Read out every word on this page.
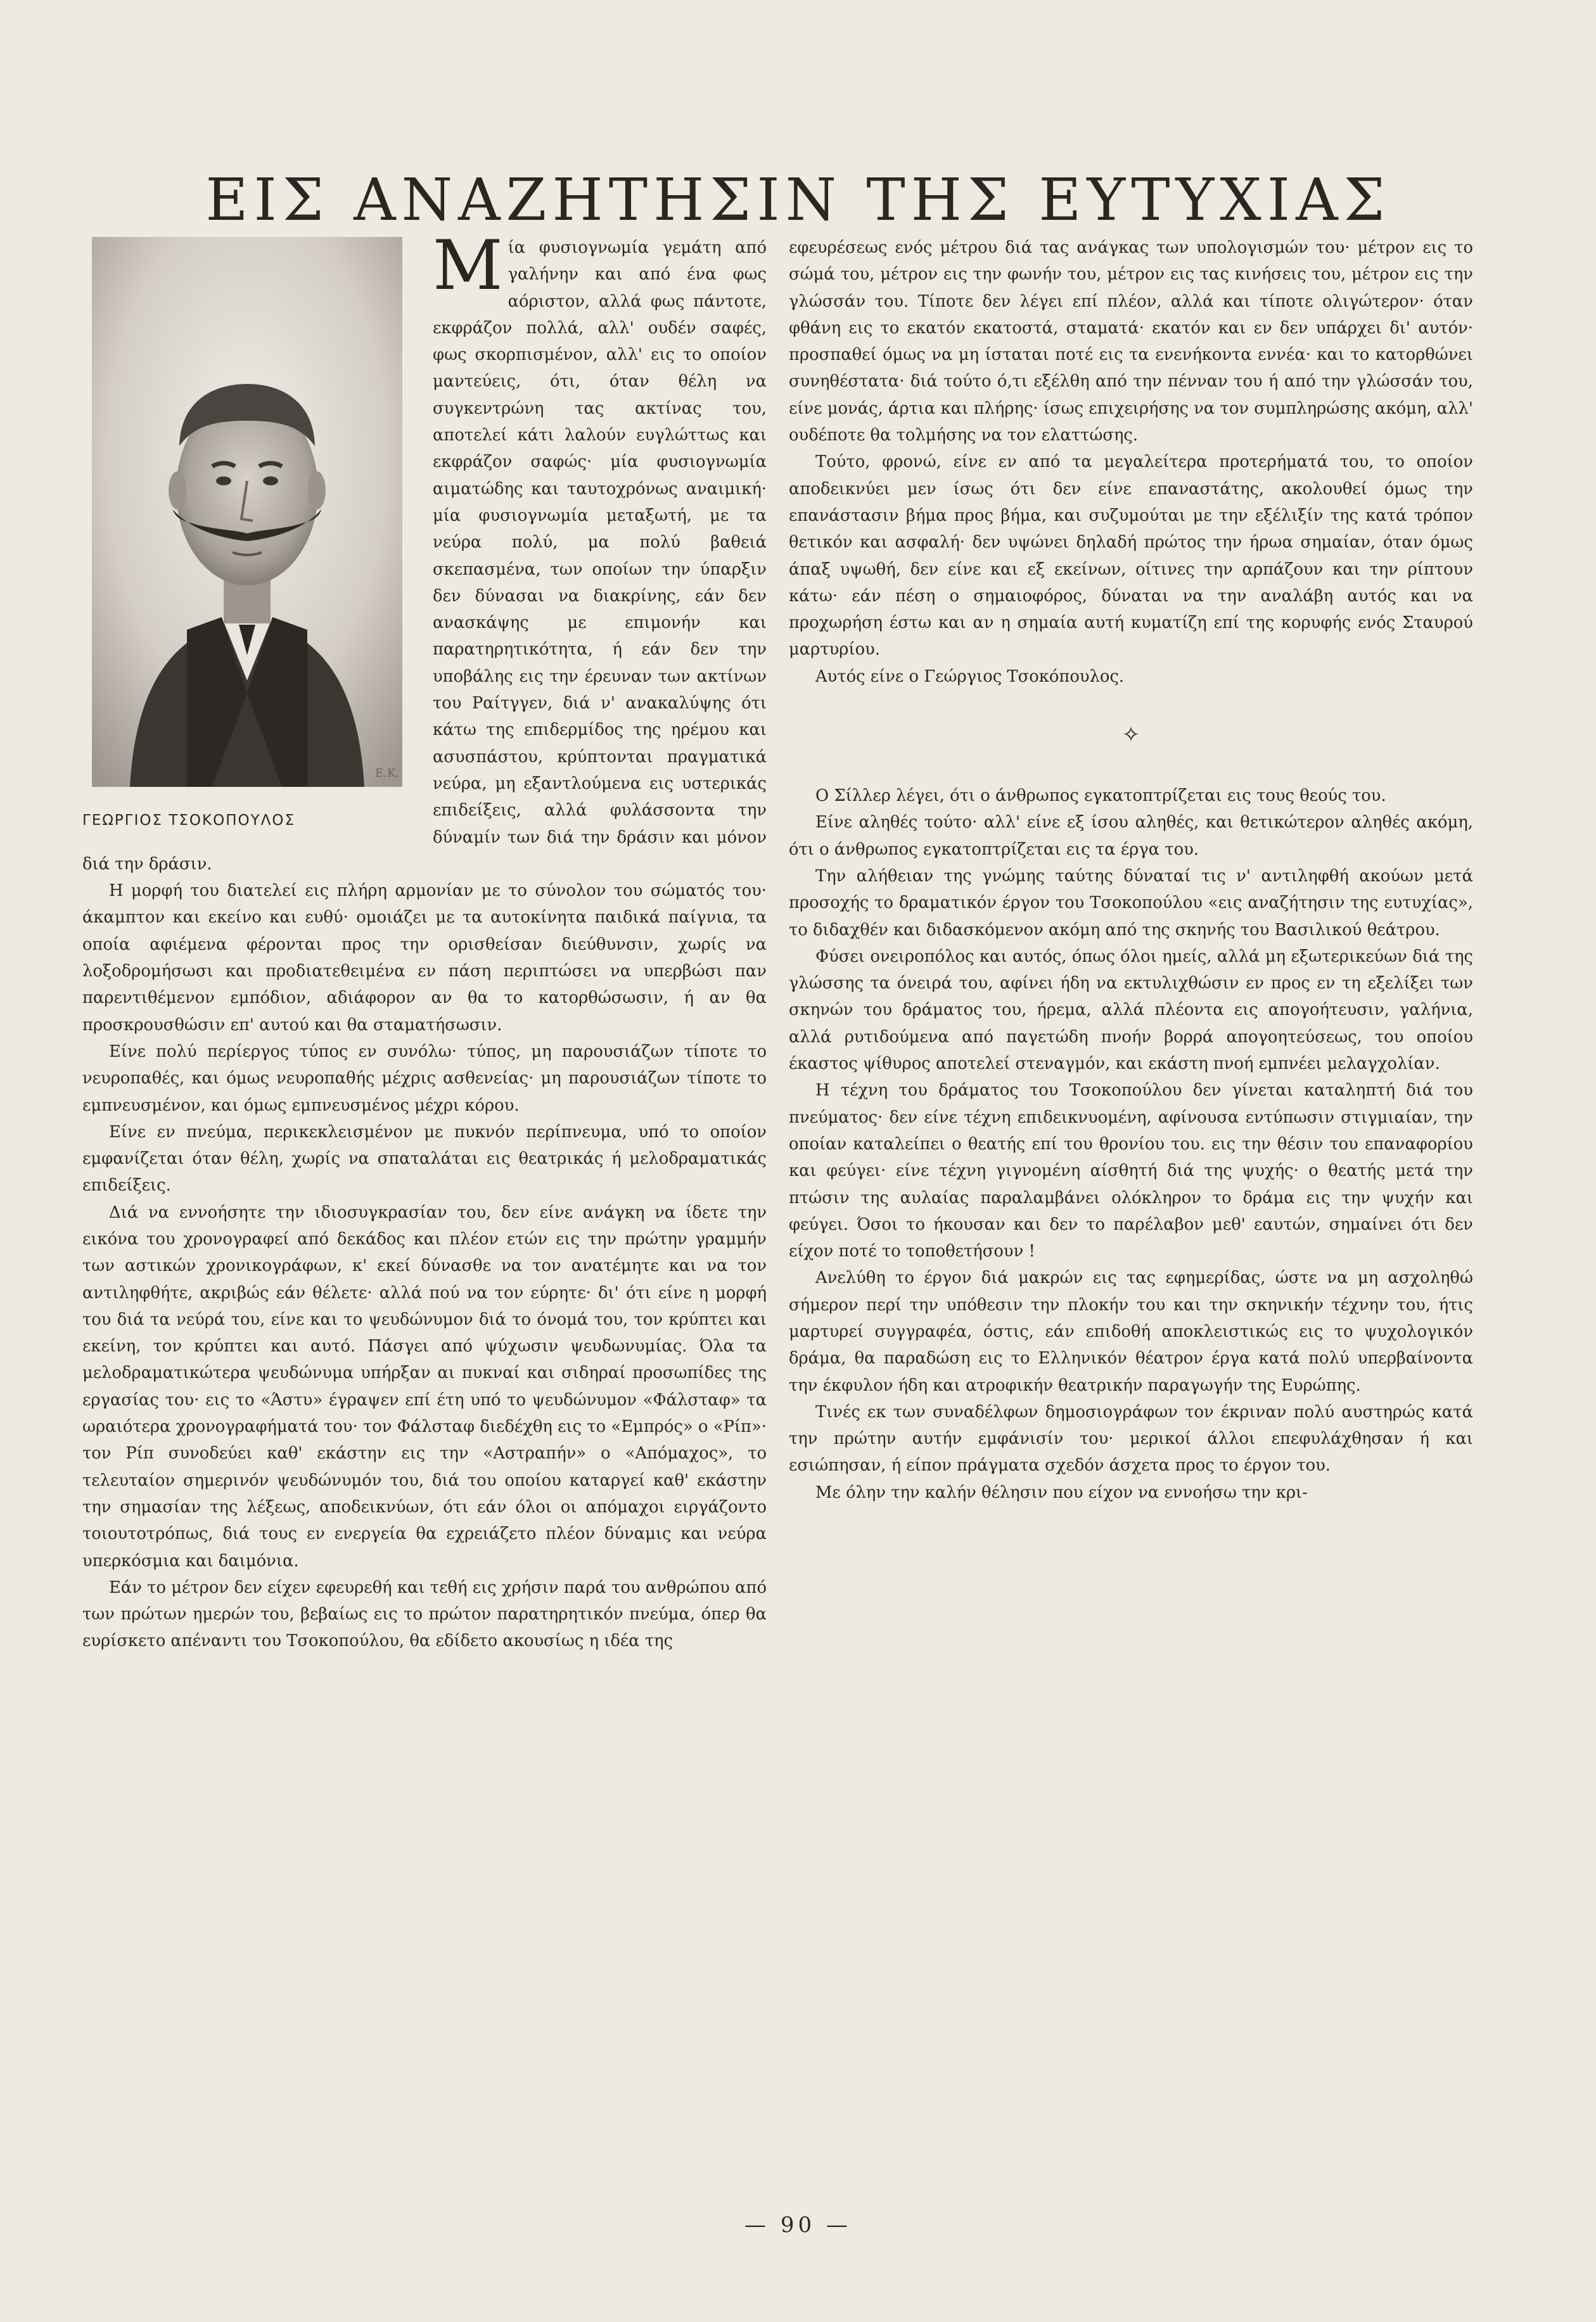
ΕΙΣ ΑΝΑΖΗΤΗΣΙΝ ΤΗΣ ΕΥΤΥΧΙΑΣ
E.K.
ΓΕΩΡΓΙΟΣ ΤΣΟΚΟΠΟΥΛΟΣ
Μ ία φυσιογνωμία γεμάτη από γαλήνην και από ένα φως αόριστον, αλλά φως πάντοτε, εκφράζον πολλά, αλλ' ουδέν σαφές, φως σκορπισμένον, αλλ' εις το οποίον μαντεύεις, ότι, όταν θέλη να συγκεντρώνη τας ακτίνας του, αποτελεί κάτι λαλούν ευγλώττως και εκφράζον σαφώς· μία φυσιογνωμία αιματώδης και ταυτοχρόνως αναιμική· μία φυσιογνωμία μεταξωτή, με τα νεύρα πολύ, μα πολύ βαθειά σκεπασμένα, των οποίων την ύπαρξιν δεν δύνασαι να διακρίνης, εάν δεν ανασκάψης με επιμονήν και παρατηρητικότητα, ή εάν δεν την υποβάλης εις την έρευναν των ακτίνων του Ραίτγγεν, διά ν' ανακαλύψης ότι κάτω της επιδερμίδος της ηρέμου και ασυσπάστου, κρύπτονται πραγματικά νεύρα, μη εξαντλούμενα εις υστερικάς επιδείξεις, αλλά φυλάσσοντα την δύναμίν των διά την δράσιν και μόνον διά την δράσιν.

Η μορφή του διατελεί εις πλήρη αρμονίαν με το σύνολον του σώματός του· άκαμπτον και εκείνο και ευθύ· ομοιάζει με τα αυτοκίνητα παιδικά παίγνια, τα οποία αφιέμενα φέρονται προς την ορισθείσαν διεύθυνσιν, χωρίς να λοξοδρομήσωσι και προδιατεθειμένα εν πάση περιπτώσει να υπερβώσι παν παρεντιθέμενον εμπόδιον, αδιάφορον αν θα το κατορθώσωσιν, ή αν θα προσκρουσθώσιν επ' αυτού και θα σταματήσωσιν.

Είνε πολύ περίεργος τύπος εν συνόλω· τύπος, μη παρουσιάζων τίποτε το νευροπαθές, και όμως νευροπαθής μέχρις ασθενείας· μη παρουσιάζων τίποτε το εμπνευσμένον, και όμως εμπνευσμένος μέχρι κόρου.

Είνε εν πνεύμα, περικεκλεισμένον με πυκνόν περίπνευμα, υπό το οποίον εμφανίζεται όταν θέλη, χωρίς να σπαταλάται εις θεατρικάς ή μελοδραματικάς επιδείξεις.

Διά να εννοήσητε την ιδιοσυγκρασίαν του, δεν είνε ανάγκη να ίδετε την εικόνα του χρονογραφεί από δεκάδος και πλέον ετών εις την πρώτην γραμμήν των αστικών χρονικογράφων, κ' εκεί δύνασθε να τον ανατέμητε και να τον αντιληφθήτε, ακριβώς εάν θέλετε· αλλά πού να τον εύρητε· δι' ότι είνε η μορφή του διά τα νεύρά του, είνε και το ψευδώνυμον διά το όνομά του, τον κρύπτει και εκείνη, τον κρύπτει και αυτό. Πάσγει από ψύχωσιν ψευδωνυμίας. Όλα τα μελοδραματικώτερα ψευδώνυμα υπήρξαν αι πυκναί και σιδηραί προσωπίδες της εργασίας του· εις το «Άστυ» έγραψεν επί έτη υπό το ψευδώνυμον «Φάλσταφ» τα ωραιότερα χρονογραφήματά του· τον Φάλσταφ διεδέχθη εις το «Εμπρός» ο «Ρίπ»· τον Ρίπ συνοδεύει καθ' εκάστην εις την «Αστραπήν» ο «Απόμαχος», το τελευταίον σημερινόν ψευδώνυμόν του, διά του οποίου καταργεί καθ' εκάστην την σημασίαν της λέξεως, αποδεικνύων, ότι εάν όλοι οι απόμαχοι ειργάζοντο τοιουτοτρόπως, διά τους εν ενεργεία θα εχρειάζετο πλέον δύναμις και νεύρα υπερκόσμια και δαιμόνια.

Εάν το μέτρον δεν είχεν εφευρεθή και τεθή εις χρήσιν παρά του ανθρώπου από των πρώτων ημερών του, βεβαίως εις το πρώτον παρατηρητικόν πνεύμα, όπερ θα ευρίσκετο απέναντι του Τσοκοπούλου, θα εδίδετο ακουσίως η ιδέα της

εφευρέσεως ενός μέτρου διά τας ανάγκας των υπολογισμών του· μέτρον εις το σώμά του, μέτρον εις την φωνήν του, μέτρον εις τας κινήσεις του, μέτρον εις την γλώσσάν του. Τίποτε δεν λέγει επί πλέον, αλλά και τίποτε ολιγώτερον· όταν φθάνη εις το εκατόν εκατοστά, σταματά· εκατόν και εν δεν υπάρχει δι' αυτόν· προσπαθεί όμως να μη ίσταται ποτέ εις τα ενενήκοντα εννέα· και το κατορθώνει συνηθέστατα· διά τούτο ό,τι εξέλθη από την πένναν του ή από την γλώσσάν του, είνε μονάς, άρτια και πλήρης· ίσως επιχειρήσης να τον συμπληρώσης ακόμη, αλλ' ουδέποτε θα τολμήσης να τον ελαττώσης.

Τούτο, φρονώ, είνε εν από τα μεγαλείτερα προτερήματά του, το οποίον αποδεικνύει μεν ίσως ότι δεν είνε επαναστάτης, ακολουθεί όμως την επανάστασιν βήμα προς βήμα, και συζυμούται με την εξέλιξίν της κατά τρόπον θετικόν και ασφαλή· δεν υψώνει δηλαδή πρώτος την ήρωα σημαίαν, όταν όμως άπαξ υψωθή, δεν είνε και εξ εκείνων, οίτινες την αρπάζουν και την ρίπτουν κάτω· εάν πέση ο σημαιοφόρος, δύναται να την αναλάβη αυτός και να προχωρήση έστω και αν η σημαία αυτή κυματίζη επί της κορυφής ενός Σταυρού μαρτυρίου.

Αυτός είνε ο Γεώργιος Τσοκόπουλος.

✧

Ο Σίλλερ λέγει, ότι ο άνθρωπος εγκατοπτρίζεται εις τους θεούς του.

Είνε αληθές τούτο· αλλ' είνε εξ ίσου αληθές, και θετικώτερον αληθές ακόμη, ότι ο άνθρωπος εγκατοπτρίζεται εις τα έργα του.

Την αλήθειαν της γνώμης ταύτης δύναταί τις ν' αντιληφθή ακούων μετά προσοχής το δραματικόν έργον του Τσοκοπούλου «εις αναζήτησιν της ευτυχίας», το διδαχθέν και διδασκόμενον ακόμη από της σκηνής του Βασιλικού θεάτρου.

Φύσει ονειροπόλος και αυτός, όπως όλοι ημείς, αλλά μη εξωτερικεύων διά της γλώσσης τα όνειρά του, αφίνει ήδη να εκτυλιχθώσιν εν προς εν τη εξελίξει των σκηνών του δράματος του, ήρεμα, αλλά πλέοντα εις απογοήτευσιν, γαλήνια, αλλά ρυτιδούμενα από παγετώδη πνοήν βορρά απογοητεύσεως, του οποίου έκαστος ψίθυρος αποτελεί στεναγμόν, και εκάστη πνοή εμπνέει μελαγχολίαν.

Η τέχνη του δράματος του Τσοκοπούλου δεν γίνεται καταληπτή διά του πνεύματος· δεν είνε τέχνη επιδεικνυομένη, αφίνουσα εντύπωσιν στιγμιαίαν, την οποίαν καταλείπει ο θεατής επί του θρονίου του. εις την θέσιν του επαναφορίου και φεύγει· είνε τέχνη γιγνομένη αίσθητή διά της ψυχής· ο θεατής μετά την πτώσιν της αυλαίας παραλαμβάνει ολόκληρον το δράμα εις την ψυχήν και φεύγει. Όσοι το ήκουσαν και δεν το παρέλαβον μεθ' εαυτών, σημαίνει ότι δεν είχον ποτέ το τοποθετήσουν !

Ανελύθη το έργον διά μακρών εις τας εφημερίδας, ώστε να μη ασχοληθώ σήμερον περί την υπόθεσιν την πλοκήν του και την σκηνικήν τέχνην του, ήτις μαρτυρεί συγγραφέα, όστις, εάν επιδοθή αποκλειστικώς εις το ψυχολογικόν δράμα, θα παραδώση εις το Ελληνικόν θέατρον έργα κατά πολύ υπερβαίνοντα την έκφυλον ήδη και ατροφικήν θεατρικήν παραγωγήν της Ευρώπης.

Τινές εκ των συναδέλφων δημοσιογράφων τον έκριναν πολύ αυστηρώς κατά την πρώτην αυτήν εμφάνισίν του· μερικοί άλλοι επεφυλάχθησαν ή και εσιώπησαν, ή είπον πράγματα σχεδόν άσχετα προς το έργον του.

Με όλην την καλήν θέλησιν που είχον να εννοήσω την κρι-

— 90 —
